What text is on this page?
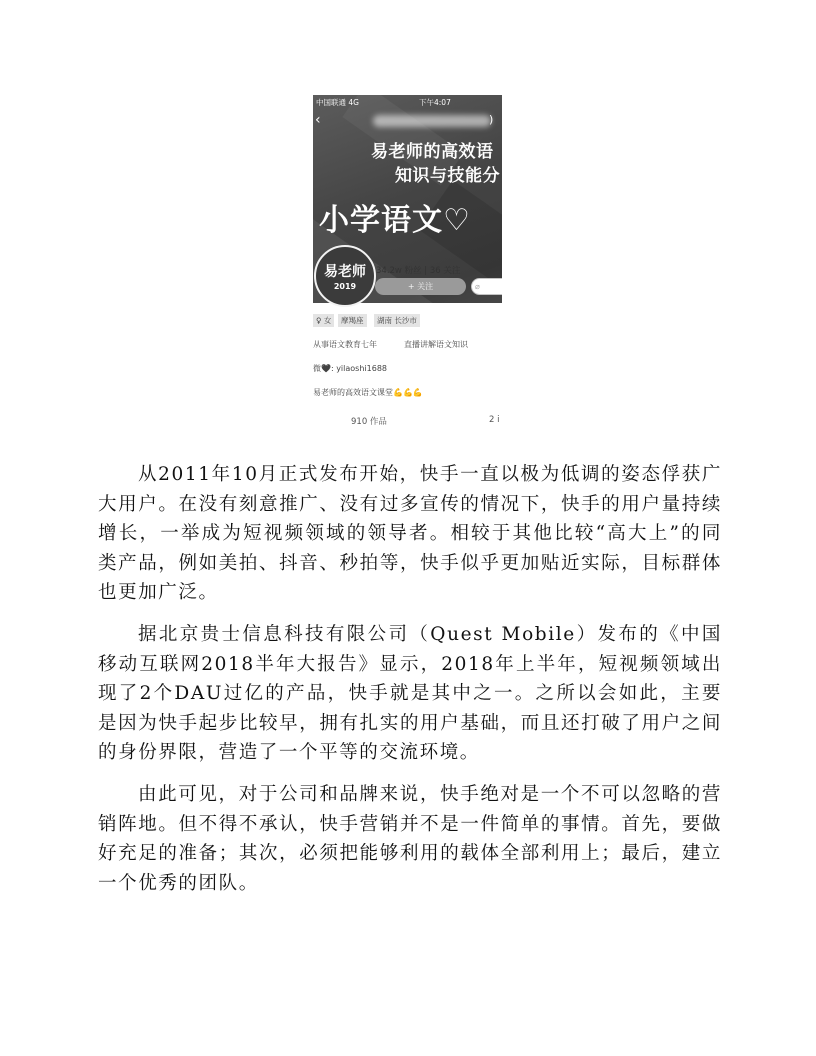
中国联通 4G	下午4:07
‹	)
易老师的高效语
知识与技能分
小学语文♡
易老师
2019
34.2w 粉丝 | 36 关注
+ 关注	⌀
♀ 女	摩羯座	湖南 长沙市
从事语文教育七年	直播讲解语文知识
微🖤: yilaoshi1688
易老师的高效语文课堂💪💪💪
910 作品	2 i

从2011年10月正式发布开始，快手一直以极为低调的姿态俘获广大用户。在没有刻意推广、没有过多宣传的情况下，快手的用户量持续增长，一举成为短视频领域的领导者。相较于其他比较“高大上”的同类产品，例如美拍、抖音、秒拍等，快手似乎更加贴近实际，目标群体也更加广泛。

据北京贵士信息科技有限公司（Quest Mobile）发布的《中国移动互联网2018半年大报告》显示，2018年上半年，短视频领域出现了2个DAU过亿的产品，快手就是其中之一。之所以会如此，主要是因为快手起步比较早，拥有扎实的用户基础，而且还打破了用户之间的身份界限，营造了一个平等的交流环境。

由此可见，对于公司和品牌来说，快手绝对是一个不可以忽略的营销阵地。但不得不承认，快手营销并不是一件简单的事情。首先，要做好充足的准备；其次，必须把能够利用的载体全部利用上；最后，建立一个优秀的团队。
